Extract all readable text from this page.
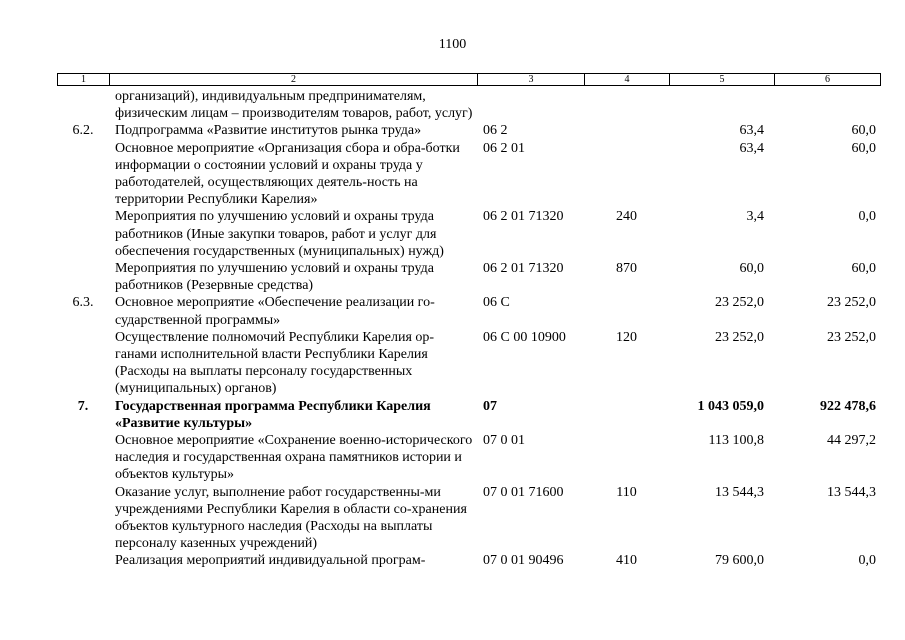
1100
1	2	3	4	5	6
	организаций), индивидуальным предпринимателям, физическим лицам – производителям товаров, работ, услуг)				
6.2.	Подпрограмма «Развитие институтов рынка труда»	06 2		63,4	60,0
	Основное мероприятие «Организация сбора и обра-ботки информации о состоянии условий и охраны труда у работодателей, осуществляющих деятель-ность на территории Республики Карелия»	06 2 01		63,4	60,0
	Мероприятия по улучшению условий и охраны труда работников (Иные закупки товаров, работ и услуг для обеспечения государственных (муниципальных) нужд)	06 2 01 71320	240	3,4	0,0
	Мероприятия по улучшению условий и охраны труда работников (Резервные средства)	06 2 01 71320	870	60,0	60,0
6.3.	Основное мероприятие «Обеспечение реализации го-сударственной программы»	06 С		23 252,0	23 252,0
	Осуществление полномочий Республики Карелия ор-ганами исполнительной власти Республики Карелия (Расходы на выплаты персоналу государственных (муниципальных) органов)	06 С 00 10900	120	23 252,0	23 252,0
7.	Государственная программа Республики Карелия «Развитие культуры»	07		1 043 059,0	922 478,6
	Основное мероприятие «Сохранение военно-исторического наследия и государственная охрана памятников истории и объектов культуры»	07 0 01		113 100,8	44 297,2
	Оказание услуг, выполнение работ государственны-ми учреждениями Республики Карелия в области со-хранения объектов культурного наследия (Расходы на выплаты персоналу казенных учреждений)	07 0 01 71600	110	13 544,3	13 544,3
	Реализация мероприятий индивидуальной програм-	07 0 01 90496	410	79 600,0	0,0
